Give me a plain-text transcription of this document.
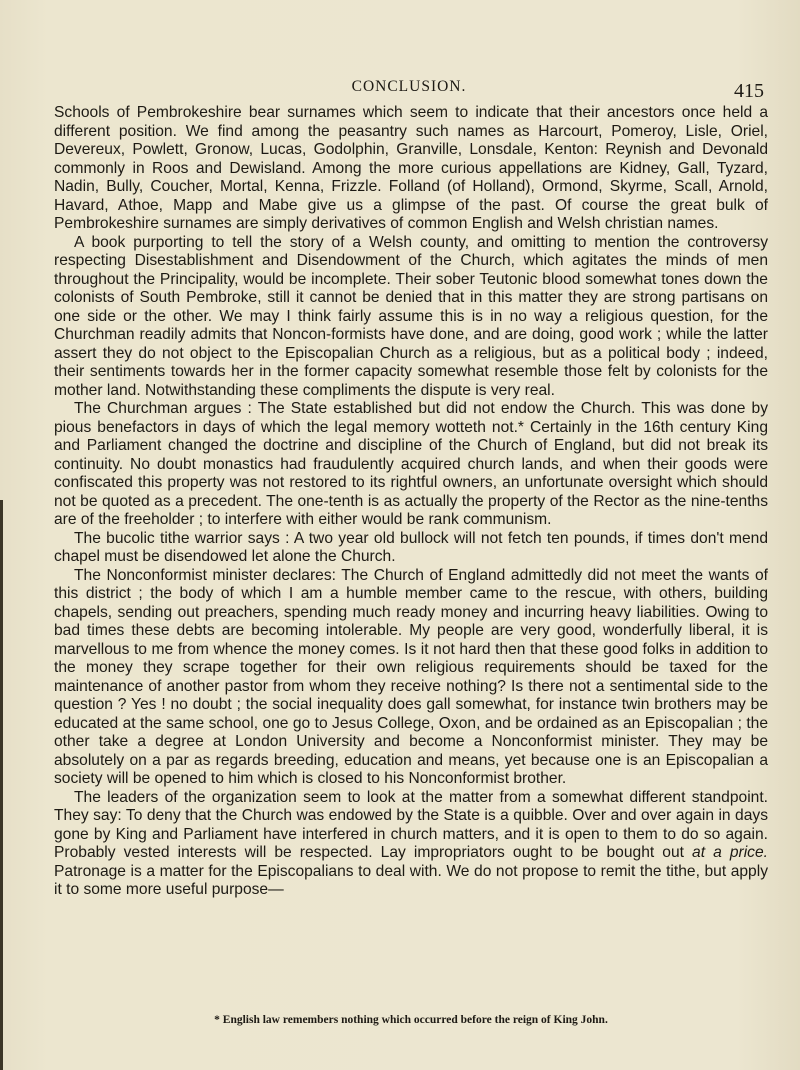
CONCLUSION.	415

Schools of Pembrokeshire bear surnames which seem to indicate that their ancestors once held a different position. We find among the peasantry such names as Harcourt, Pomeroy, Lisle, Oriel, Devereux, Powlett, Gronow, Lucas, Godolphin, Granville, Lonsdale, Kenton: Reynish and Devonald commonly in Roos and Dewisland. Among the more curious appellations are Kidney, Gall, Tyzard, Nadin, Bully, Coucher, Mortal, Kenna, Frizzle. Folland (of Holland), Ormond, Skyrme, Scall, Arnold, Havard, Athoe, Mapp and Mabe give us a glimpse of the past. Of course the great bulk of Pembrokeshire surnames are simply derivatives of common English and Welsh christian names.

A book purporting to tell the story of a Welsh county, and omitting to mention the controversy respecting Disestablishment and Disendowment of the Church, which agitates the minds of men throughout the Principality, would be incomplete. Their sober Teutonic blood somewhat tones down the colonists of South Pembroke, still it cannot be denied that in this matter they are strong partisans on one side or the other. We may I think fairly assume this is in no way a religious question, for the Churchman readily admits that Noncon-formists have done, and are doing, good work ; while the latter assert they do not object to the Episcopalian Church as a religious, but as a political body ; indeed, their sentiments towards her in the former capacity somewhat resemble those felt by colonists for the mother land. Notwithstanding these compliments the dispute is very real.

The Churchman argues : The State established but did not endow the Church. This was done by pious benefactors in days of which the legal memory wotteth not.* Certainly in the 16th century King and Parliament changed the doctrine and discipline of the Church of England, but did not break its continuity. No doubt monastics had fraudulently acquired church lands, and when their goods were confiscated this property was not restored to its rightful owners, an unfortunate oversight which should not be quoted as a precedent. The one-tenth is as actually the property of the Rector as the nine-tenths are of the freeholder ; to interfere with either would be rank communism.

The bucolic tithe warrior says : A two year old bullock will not fetch ten pounds, if times don't mend chapel must be disendowed let alone the Church.

The Nonconformist minister declares: The Church of England admittedly did not meet the wants of this district ; the body of which I am a humble member came to the rescue, with others, building chapels, sending out preachers, spending much ready money and incurring heavy liabilities. Owing to bad times these debts are becoming intolerable. My people are very good, wonderfully liberal, it is marvellous to me from whence the money comes. Is it not hard then that these good folks in addition to the money they scrape together for their own religious requirements should be taxed for the maintenance of another pastor from whom they receive nothing? Is there not a sentimental side to the question ? Yes ! no doubt ; the social inequality does gall somewhat, for instance twin brothers may be educated at the same school, one go to Jesus College, Oxon, and be ordained as an Episcopalian ; the other take a degree at London University and become a Nonconformist minister. They may be absolutely on a par as regards breeding, education and means, yet because one is an Episcopalian a society will be opened to him which is closed to his Nonconformist brother.

The leaders of the organization seem to look at the matter from a somewhat different standpoint. They say: To deny that the Church was endowed by the State is a quibble. Over and over again in days gone by King and Parliament have interfered in church matters, and it is open to them to do so again. Probably vested interests will be respected. Lay impropriators ought to be bought out at a price. Patronage is a matter for the Episcopalians to deal with. We do not propose to remit the tithe, but apply it to some more useful purpose—

* English law remembers nothing which occurred before the reign of King John.
